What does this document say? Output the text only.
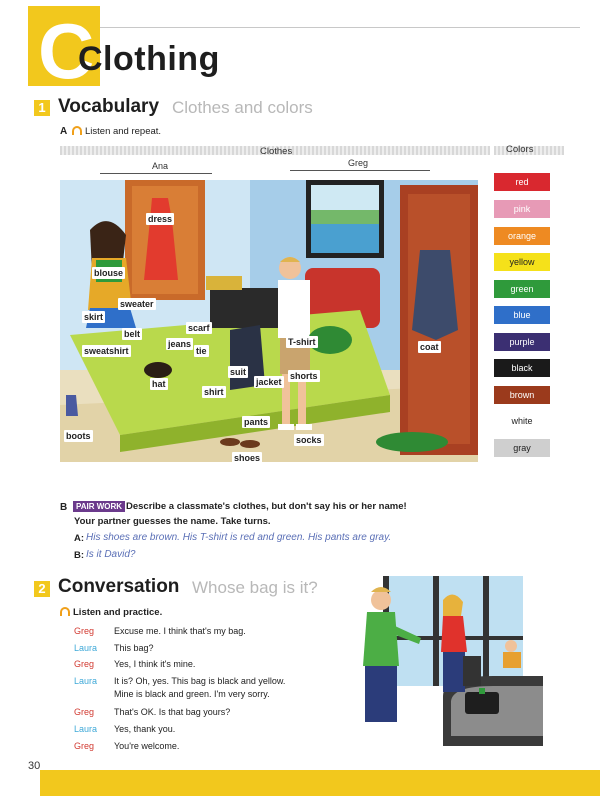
C
Clothing
1 Vocabulary Clothes and colors
A	Listen and repeat.
Clothes	Colors
Ana	Greg
dress
blouse
sweater
skirt
belt
scarf
jeans
sweatshirt	tie
hat
suit
shirt
jacket
T-shirt
shorts
pants
boots	socks
shoes
coat
red
pink
orange
yellow
green
blue
purple
black
brown
white
gray
B	PAIR WORK Describe a classmate's clothes, but don't say his or her name!
Your partner guesses the name. Take turns.
A: His shoes are brown. His T-shirt is red and green. His pants are gray.
B: Is it David?
2 Conversation Whose bag is it?
Listen and practice.
Greg Excuse me. I think that's my bag.
Laura This bag?
Greg Yes, I think it's mine.
Laura It is? Oh, yes. This bag is black and yellow.
Mine is black and green. I'm very sorry.
Greg That's OK. Is that bag yours?
Laura Yes, thank you.
Greg You're welcome.
30
